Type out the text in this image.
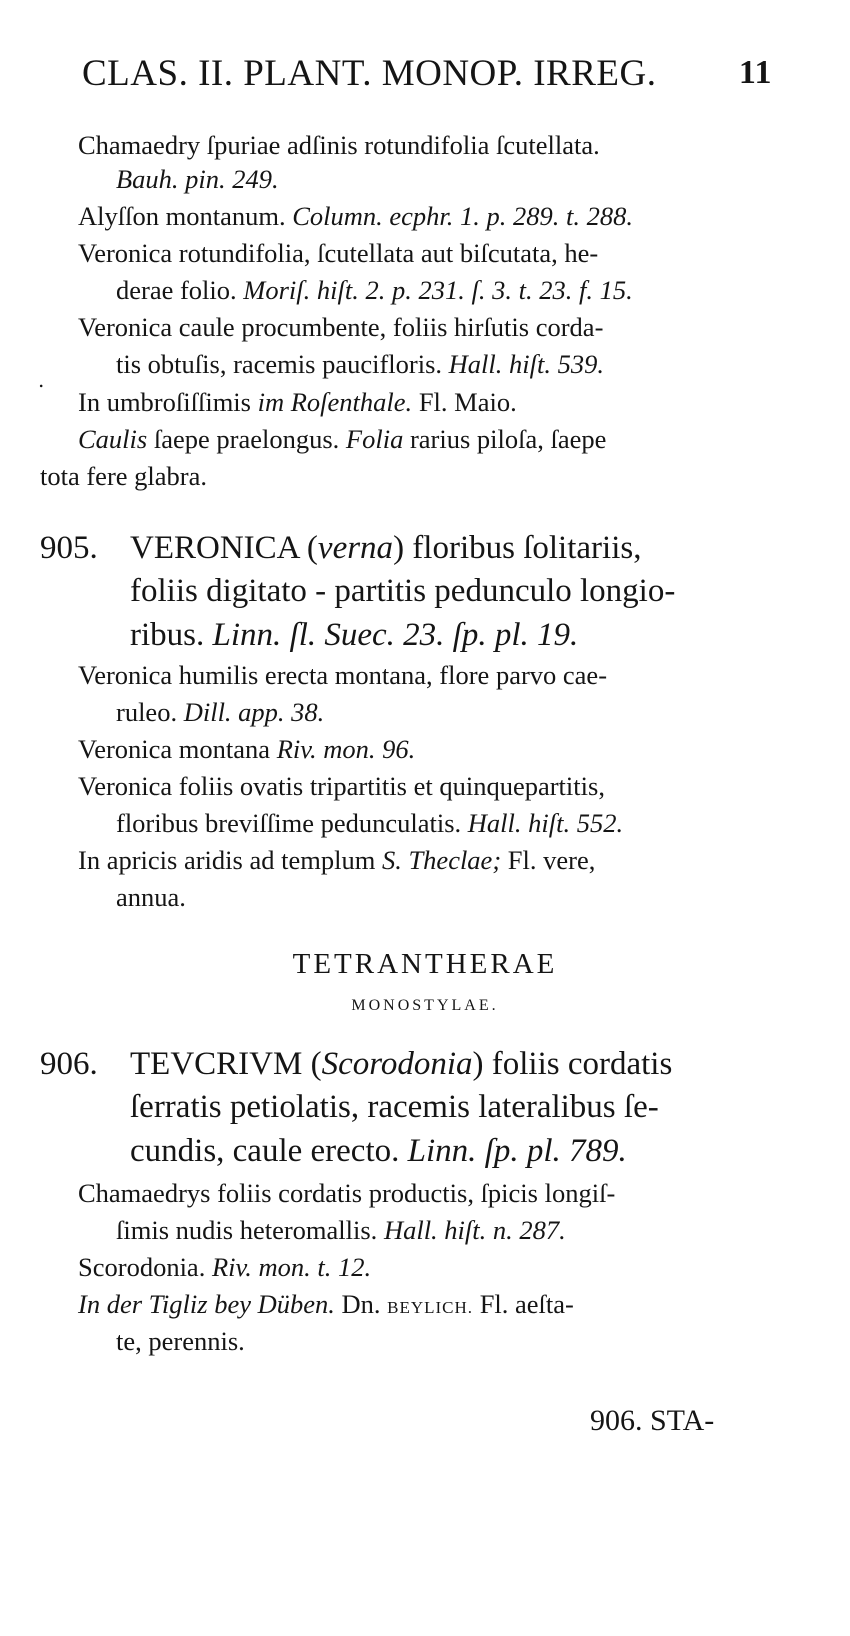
CLAS. II. PLANT. MONOP. IRREG. 11
Chamaedry ſpuriae adſinis rotundifolia ſcutellata.
Bauh. pin. 249.
Alyſſon montanum. Column. ecphr. 1. p. 289. t. 288.
Veronica rotundifolia, ſcutellata aut biſcutata, he-
derae folio. Moriſ. hiſt. 2. p. 231. ſ. 3. t. 23. f. 15.
Veronica caule procumbente, foliis hirſutis corda-
.
tis obtuſis, racemis paucifloris. Hall. hiſt. 539.
In umbroſiſſimis im Roſenthale. Fl. Maio.
Caulis ſaepe praelongus. Folia rarius piloſa, ſaepe
tota fere glabra.
905. VERONICA (verna) floribus ſolitariis,
foliis digitato - partitis pedunculo longio-
ribus. Linn. ſl. Suec. 23. ſp. pl. 19.
Veronica humilis erecta montana, flore parvo cae-
ruleo. Dill. app. 38.
Veronica montana Riv. mon. 96.
Veronica foliis ovatis tripartitis et quinquepartitis,
floribus breviſſime pedunculatis. Hall. hiſt. 552.
In apricis aridis ad templum S. Theclae; Fl. vere,
annua.
TETRANTHERAE
MONOSTYLAE.
906. TEVCRIVM (Scorodonia) foliis cordatis
ſerratis petiolatis, racemis lateralibus ſe-
cundis, caule erecto. Linn. ſp. pl. 789.
Chamaedrys foliis cordatis productis, ſpicis longiſ-
ſimis nudis heteromallis. Hall. hiſt. n. 287.
Scorodonia. Riv. mon. t. 12.
In der Tigliz bey Düben. Dn. BEYLICH. Fl. aeſta-
te, perennis.
906. STA-
